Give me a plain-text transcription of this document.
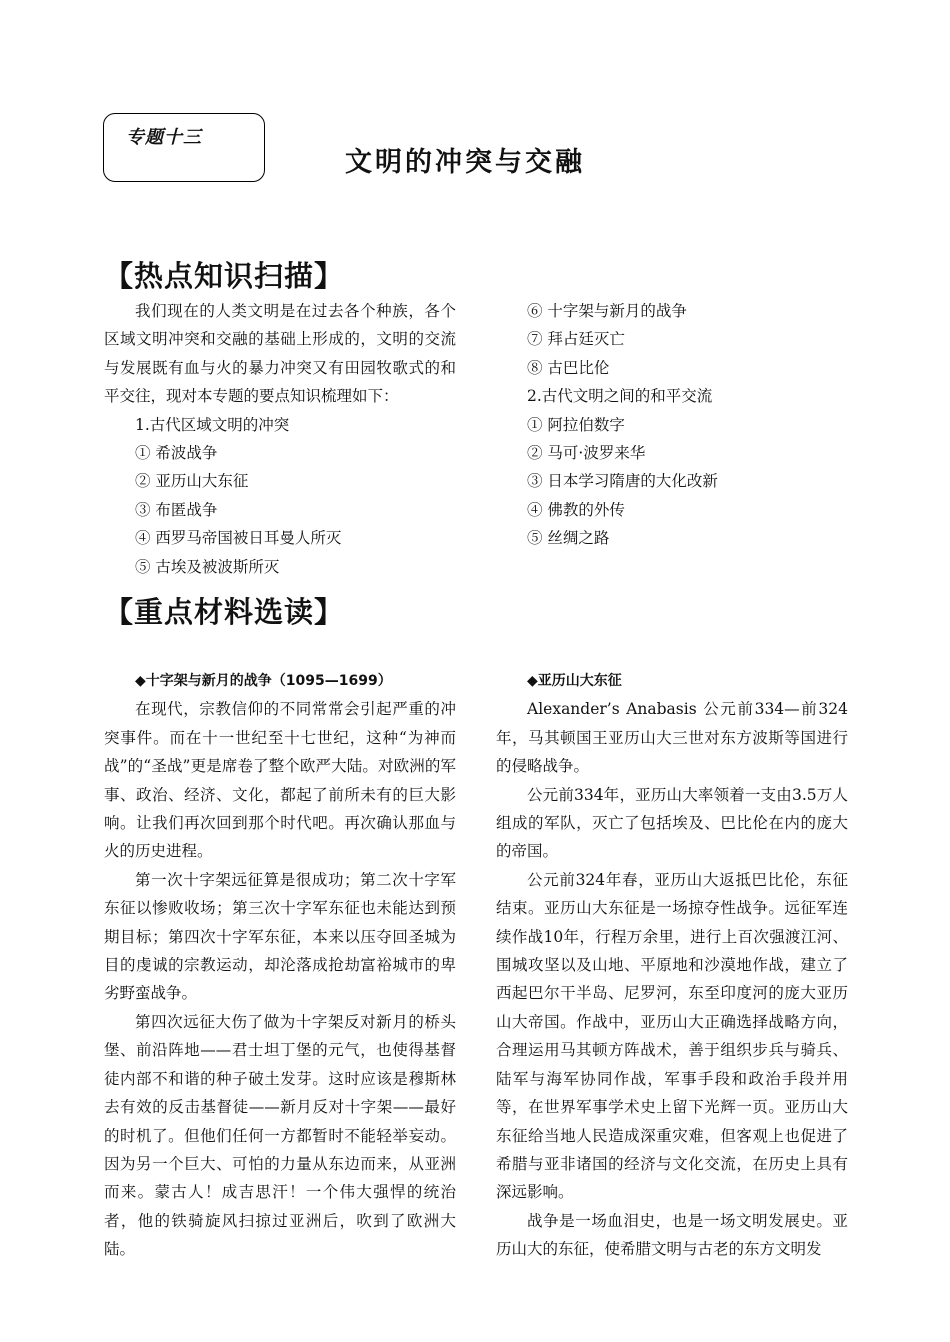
专题十三
文明的冲突与交融
【热点知识扫描】

我们现在的人类文明是在过去各个种族，各个区域文明冲突和交融的基础上形成的，文明的交流与发展既有血与火的暴力冲突又有田园牧歌式的和平交往，现对本专题的要点知识梳理如下：

1.古代区域文明的冲突
① 希波战争
② 亚历山大东征
③ 布匿战争
④ 西罗马帝国被日耳曼人所灭
⑤ 古埃及被波斯所灭
⑥ 十字架与新月的战争
⑦ 拜占廷灭亡
⑧ 古巴比伦
2.古代文明之间的和平交流
① 阿拉伯数字
② 马可·波罗来华
③ 日本学习隋唐的大化改新
④ 佛教的外传
⑤ 丝绸之路
【重点材料选读】
◆十字架与新月的战争（1095—1699）

在现代，宗教信仰的不同常常会引起严重的冲突事件。而在十一世纪至十七世纪，这种“为神而战”的“圣战”更是席卷了整个欧严大陆。对欧洲的军事、政治、经济、文化，都起了前所未有的巨大影响。让我们再次回到那个时代吧。再次确认那血与火的历史进程。

第一次十字架远征算是很成功；第二次十字军东征以惨败收场；第三次十字军东征也未能达到预期目标；第四次十字军东征，本来以压夺回圣城为目的虔诚的宗教运动，却沦落成抢劫富裕城市的卑劣野蛮战争。

第四次远征大伤了做为十字架反对新月的桥头堡、前沿阵地——君士坦丁堡的元气，也使得基督徒内部不和谐的种子破土发芽。这时应该是穆斯林去有效的反击基督徒——新月反对十字架——最好的时机了。但他们任何一方都暂时不能轻举妄动。因为另一个巨大、可怕的力量从东边而来，从亚洲而来。蒙古人！成吉思汗！一个伟大强悍的统治者，他的铁骑旋风扫掠过亚洲后，吹到了欧洲大陆。

◆亚历山大东征

Alexander’s Anabasis 公元前334—前324年，马其顿国王亚历山大三世对东方波斯等国进行的侵略战争。

公元前334年，亚历山大率领着一支由3.5万人组成的军队，灭亡了包括埃及、巴比伦在内的庞大的帝国。

公元前324年春，亚历山大返抵巴比伦，东征结束。亚历山大东征是一场掠夺性战争。远征军连续作战10年，行程万余里，进行上百次强渡江河、围城攻坚以及山地、平原地和沙漠地作战，建立了西起巴尔干半岛、尼罗河，东至印度河的庞大亚历山大帝国。作战中，亚历山大正确选择战略方向，合理运用马其顿方阵战术，善于组织步兵与骑兵、陆军与海军协同作战，军事手段和政治手段并用等，在世界军事学术史上留下光辉一页。亚历山大东征给当地人民造成深重灾难，但客观上也促进了希腊与亚非诸国的经济与文化交流，在历史上具有深远影响。

战争是一场血泪史，也是一场文明发展史。亚历山大的东征，使希腊文明与古老的东方文明发
